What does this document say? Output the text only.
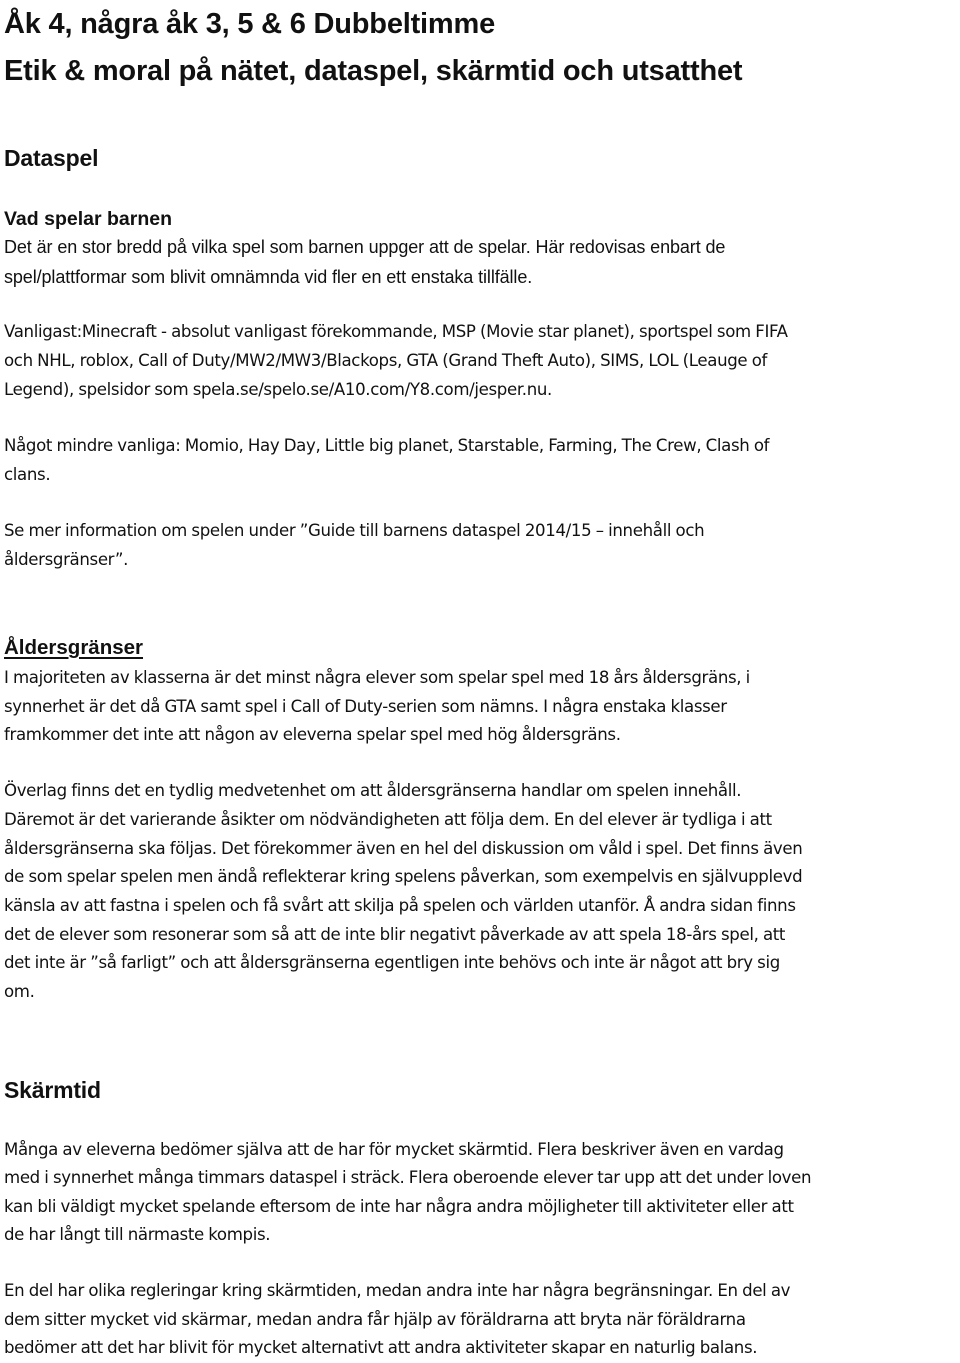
Åk 4, några åk 3, 5 & 6 Dubbeltimme
Etik & moral på nätet, dataspel, skärmtid och utsatthet
Dataspel
Vad spelar barnen

Det är en stor bredd på vilka spel som barnen uppger att de spelar. Här redovisas enbart de

spel/plattformar som blivit omnämnda vid fler en ett enstaka tillfälle.

Vanligast:Minecraft - absolut vanligast förekommande, MSP (Movie star planet), sportspel som FIFA

och NHL, roblox, Call of Duty/MW2/MW3/Blackops, GTA (Grand Theft Auto), SIMS, LOL (Leauge of

Legend), spelsidor som spela.se/spelo.se/A10.com/Y8.com/jesper.nu.

Något mindre vanliga: Momio, Hay Day, Little big planet, Starstable, Farming, The Crew, Clash of

clans.

Se mer information om spelen under ”Guide till barnens dataspel 2014/15 – innehåll och

åldersgränser”.

Åldersgränser

I majoriteten av klasserna är det minst några elever som spelar spel med 18 års åldersgräns, i

synnerhet är det då GTA samt spel i Call of Duty-serien som nämns. I några enstaka klasser

framkommer det inte att någon av eleverna spelar spel med hög åldersgräns.

Överlag finns det en tydlig medvetenhet om att åldersgränserna handlar om spelen innehåll.

Däremot är det varierande åsikter om nödvändigheten att följa dem. En del elever är tydliga i att

åldersgränserna ska följas. Det förekommer även en hel del diskussion om våld i spel. Det finns även

de som spelar spelen men ändå reflekterar kring spelens påverkan, som exempelvis en självupplevd

känsla av att fastna i spelen och få svårt att skilja på spelen och världen utanför. Å andra sidan finns

det de elever som resonerar som så att de inte blir negativt påverkade av att spela 18-års spel, att

det inte är ”så farligt” och att åldersgränserna egentligen inte behövs och inte är något att bry sig

om.

Skärmtid

Många av eleverna bedömer själva att de har för mycket skärmtid. Flera beskriver även en vardag

med i synnerhet många timmars dataspel i sträck. Flera oberoende elever tar upp att det under loven

kan bli väldigt mycket spelande eftersom de inte har några andra möjligheter till aktiviteter eller att

de har långt till närmaste kompis.

En del har olika regleringar kring skärmtiden, medan andra inte har några begränsningar. En del av

dem sitter mycket vid skärmar, medan andra får hjälp av föräldrarna att bryta när föräldrarna

bedömer att det har blivit för mycket alternativt att andra aktiviteter skapar en naturlig balans.
